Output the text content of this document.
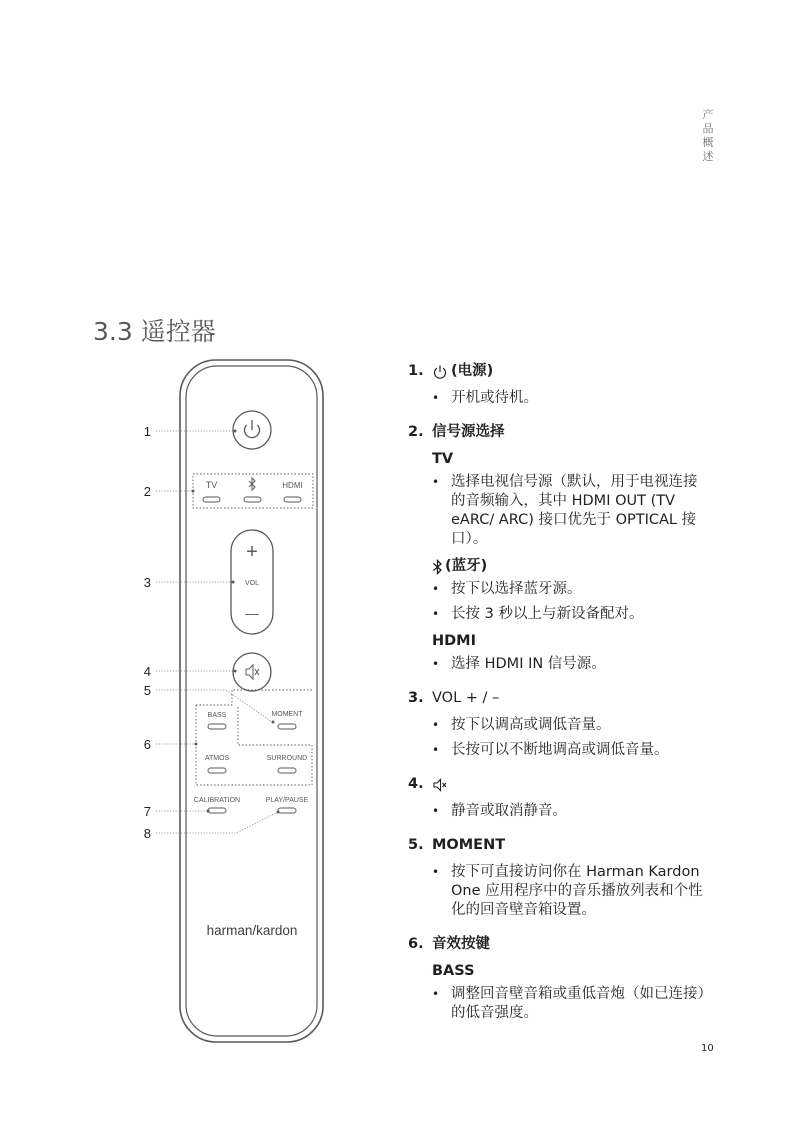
产
品
概
述
3.3 遥控器
1
2
3
4
5
6
7
8
TV	HDMI
+
VOL
—
BASS	MOMENT
ATMOS	SURROUND
CALIBRATION	PLAY/PAUSE
harman/kardon
1.	(电源)
• 开机或待机。
2. 信号源选择
TV
• 选择电视信号源（默认，用于电视连接的音频输入，其中 HDMI OUT (TV eARC/ ARC) 接口优先于 OPTICAL 接口）。
(蓝牙)
• 按下以选择蓝牙源。
• 长按 3 秒以上与新设备配对。
HDMI
• 选择 HDMI IN 信号源。
3. VOL + / –
• 按下以调高或调低音量。
• 长按可以不断地调高或调低音量。
4.
• 静音或取消静音。
5. MOMENT
• 按下可直接访问你在 Harman Kardon One 应用程序中的音乐播放列表和个性化的回音壁音箱设置。
6. 音效按键
BASS
• 调整回音壁音箱或重低音炮（如已连接）的低音强度。
10
